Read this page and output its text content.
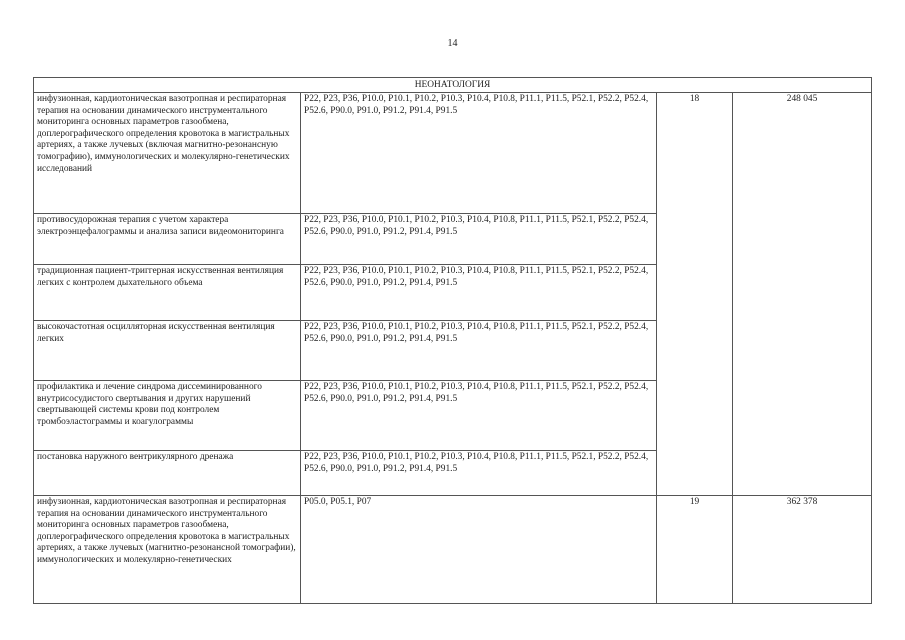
14
НЕОНАТОЛОГИЯ			

инфузионная, кардиотоническая вазотропная и респираторная терапия на основании динамического инструментального мониторинга основных параметров газообмена, доплерографического определения кровотока в магистральных артериях, а также лучевых (включая магнитно-резонансную томографию), иммунологических и молекулярно-генетических исследований	P22, P23, P36, P10.0, P10.1, P10.2, P10.3, P10.4, P10.8, P11.1, P11.5, P52.1, P52.2, P52.4, P52.6, P90.0, P91.0, P91.2, P91.4, P91.5	18	248 045

противосудорожная терапия с учетом характера электроэнцефалограммы и анализа записи видеомониторинга	P22, P23, P36, P10.0, P10.1, P10.2, P10.3, P10.4, P10.8, P11.1, P11.5, P52.1, P52.2, P52.4, P52.6, P90.0, P91.0, P91.2, P91.4, P91.5		

традиционная пациент-триггерная искусственная вентиляция легких с контролем дыхательного объема	P22, P23, P36, P10.0, P10.1, P10.2, P10.3, P10.4, P10.8, P11.1, P11.5, P52.1, P52.2, P52.4, P52.6, P90.0, P91.0, P91.2, P91.4, P91.5		

высокочастотная осцилляторная искусственная вентиляция легких	P22, P23, P36, P10.0, P10.1, P10.2, P10.3, P10.4, P10.8, P11.1, P11.5, P52.1, P52.2, P52.4, P52.6, P90.0, P91.0, P91.2, P91.4, P91.5		

профилактика и лечение синдрома диссеминированного внутрисосудистого свертывания и других нарушений свертывающей системы крови под контролем тромбоэластограммы и коагулограммы	P22, P23, P36, P10.0, P10.1, P10.2, P10.3, P10.4, P10.8, P11.1, P11.5, P52.1, P52.2, P52.4, P52.6, P90.0, P91.0, P91.2, P91.4, P91.5		

постановка наружного вентрикулярного дренажа	P22, P23, P36, P10.0, P10.1, P10.2, P10.3, P10.4, P10.8, P11.1, P11.5, P52.1, P52.2, P52.4, P52.6, P90.0, P91.0, P91.2, P91.4, P91.5		

инфузионная, кардиотоническая вазотропная и респираторная терапия на основании динамического инструментального мониторинга основных параметров газообмена, доплерографического определения кровотока в магистральных артериях, а также лучевых (магнитно-резонансной томографии), иммунологических и молекулярно-генетических	P05.0, P05.1, P07	19	362 378
